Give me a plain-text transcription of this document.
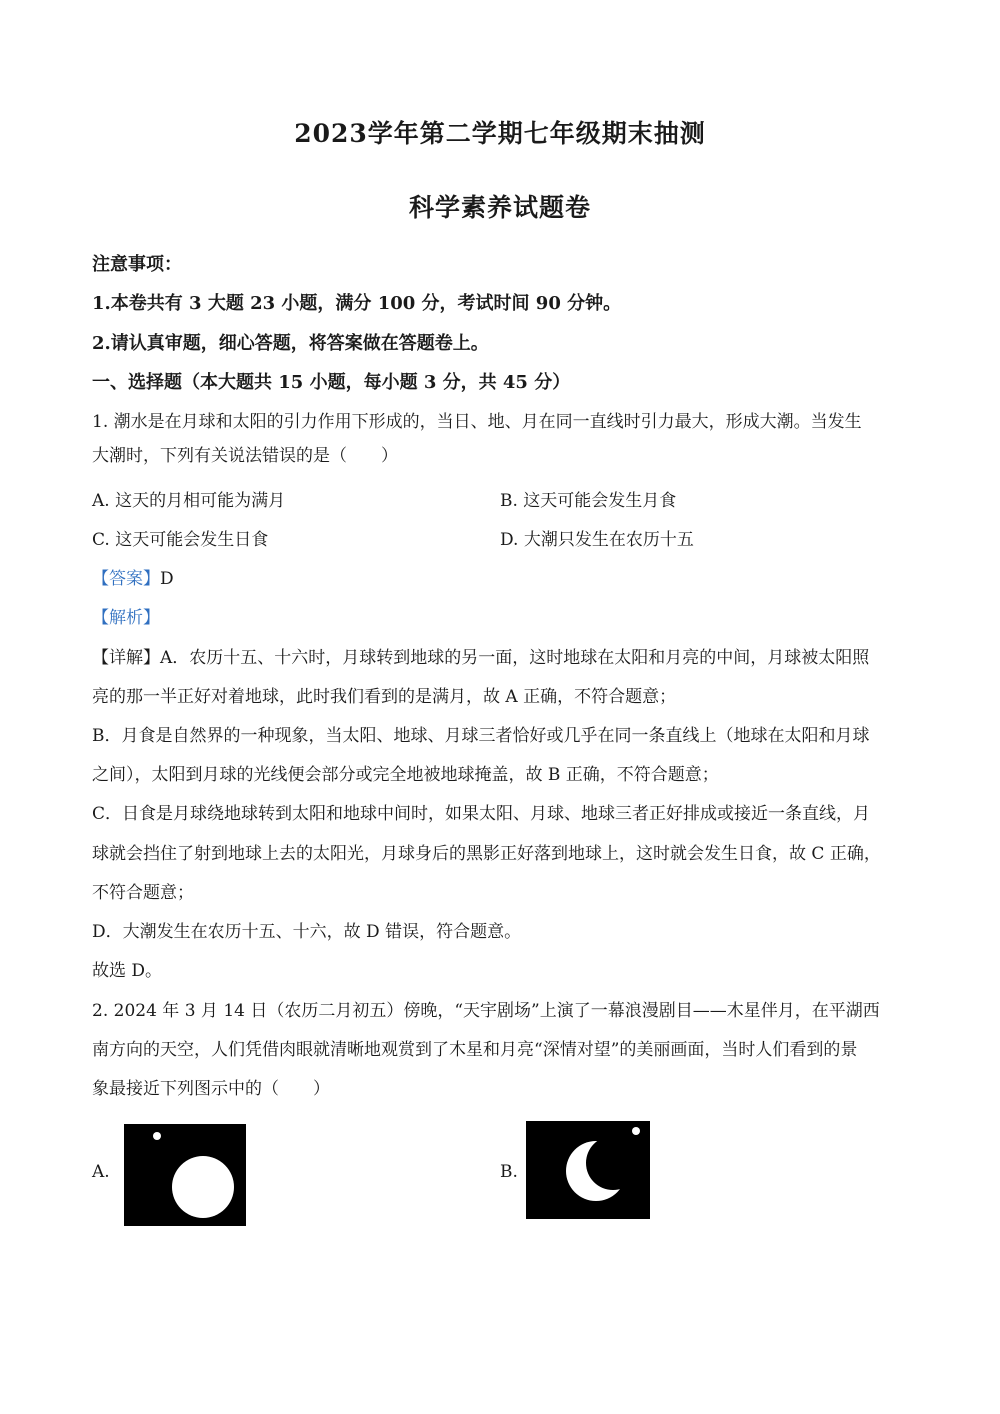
2023学年第二学期七年级期末抽测
科学素养试题卷
注意事项：
1.本卷共有 3 大题 23 小题，满分 100 分，考试时间 90 分钟。
2.请认真审题，细心答题，将答案做在答题卷上。
一、选择题（本大题共 15 小题，每小题 3 分，共 45 分）
1. 潮水是在月球和太阳的引力作用下形成的，当日、地、月在同一直线时引力最大，形成大潮。当发生
大潮时，下列有关说法错误的是（　　）
A. 这天的月相可能为满月	B. 这天可能会发生月食
C. 这天可能会发生日食	D. 大潮只发生在农历十五
【答案】D
【解析】
【详解】A．农历十五、十六时，月球转到地球的另一面，这时地球在太阳和月亮的中间，月球被太阳照
亮的那一半正好对着地球，此时我们看到的是满月，故 A 正确，不符合题意；
B．月食是自然界的一种现象，当太阳、地球、月球三者恰好或几乎在同一条直线上（地球在太阳和月球
之间），太阳到月球的光线便会部分或完全地被地球掩盖，故 B 正确，不符合题意；
C．日食是月球绕地球转到太阳和地球中间时，如果太阳、月球、地球三者正好排成或接近一条直线，月
球就会挡住了射到地球上去的太阳光，月球身后的黑影正好落到地球上，这时就会发生日食，故 C 正确，
不符合题意；
D．大潮发生在农历十五、十六，故 D 错误，符合题意。
故选 D。
2. 2024 年 3 月 14 日（农历二月初五）傍晚，“天宇剧场”上演了一幕浪漫剧目——木星伴月，在平湖西
南方向的天空，人们凭借肉眼就清晰地观赏到了木星和月亮“深情对望”的美丽画面，当时人们看到的景
象最接近下列图示中的（　　）
A.	B.
